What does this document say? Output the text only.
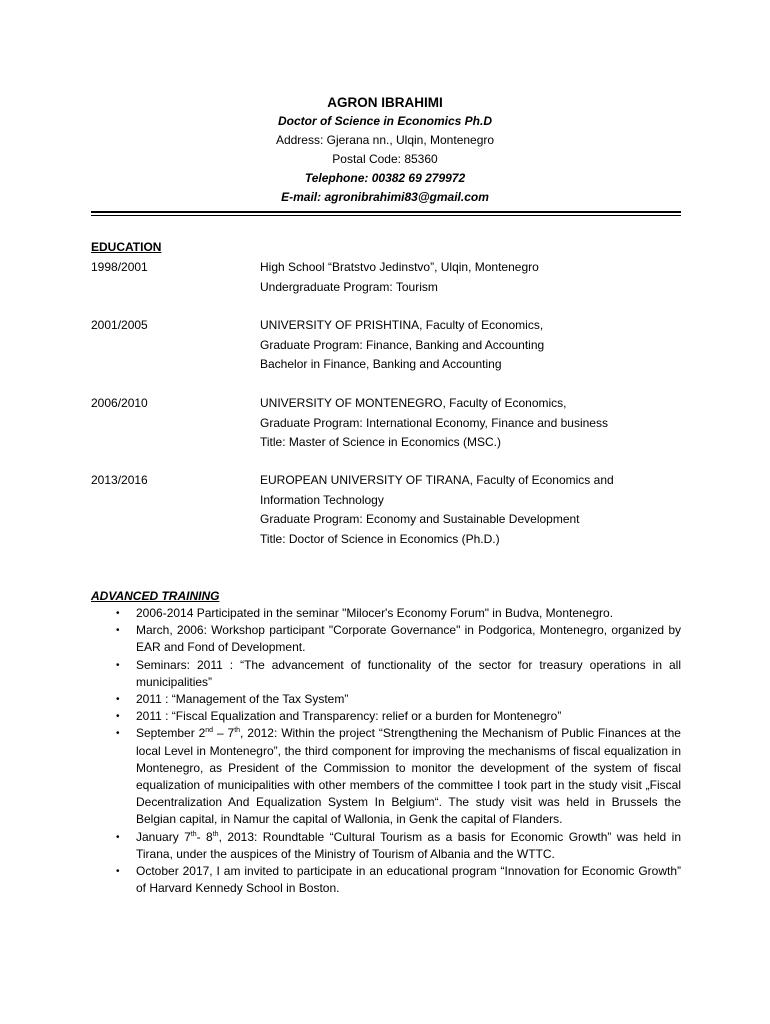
AGRON IBRAHIMI
Doctor of Science in Economics Ph.D
Address: Gjerana nn., Ulqin, Montenegro
Postal Code: 85360
Telephone: 00382 69 279972
E-mail: agronibrahimi83@gmail.com
EDUCATION
1998/2001	High School “Bratstvo Jedinstvo”, Ulqin, Montenegro
Undergraduate Program: Tourism
2001/2005	UNIVERSITY OF PRISHTINA, Faculty of Economics,
Graduate Program: Finance, Banking and Accounting
Bachelor in Finance, Banking and Accounting
2006/2010	UNIVERSITY OF MONTENEGRO, Faculty of Economics,
Graduate Program: International Economy, Finance and business
Title: Master of Science in Economics (MSC.)
2013/2016	EUROPEAN UNIVERSITY OF TIRANA, Faculty of Economics and
Information Technology
Graduate Program: Economy and Sustainable Development
Title: Doctor of Science in Economics (Ph.D.)
ADVANCED TRAINING
• 2006-2014 Participated in the seminar "Milocer's Economy Forum" in Budva, Montenegro.
• March, 2006: Workshop participant "Corporate Governance" in Podgorica, Montenegro, organized by EAR and Fond of Development.
• Seminars: 2011 : “The advancement of functionality of the sector for treasury operations in all municipalities”
• 2011 : “Management of the Tax System”
• 2011 : “Fiscal Equalization and Transparency: relief or a burden for Montenegro”
• September 2nd – 7th, 2012: Within the project “Strengthening the Mechanism of Public Finances at the local Level in Montenegro”, the third component for improving the mechanisms of fiscal equalization in Montenegro, as President of the Commission to monitor the development of the system of fiscal equalization of municipalities with other members of the committee I took part in the study visit „Fiscal Decentralization And Equalization System In Belgium“. The study visit was held in Brussels the Belgian capital, in Namur the capital of Wallonia, in Genk the capital of Flanders.
• January 7th- 8th, 2013: Roundtable “Cultural Tourism as a basis for Economic Growth” was held in Tirana, under the auspices of the Ministry of Tourism of Albania and the WTTC.
• October 2017, I am invited to participate in an educational program “Innovation for Economic Growth” of Harvard Kennedy School in Boston.
